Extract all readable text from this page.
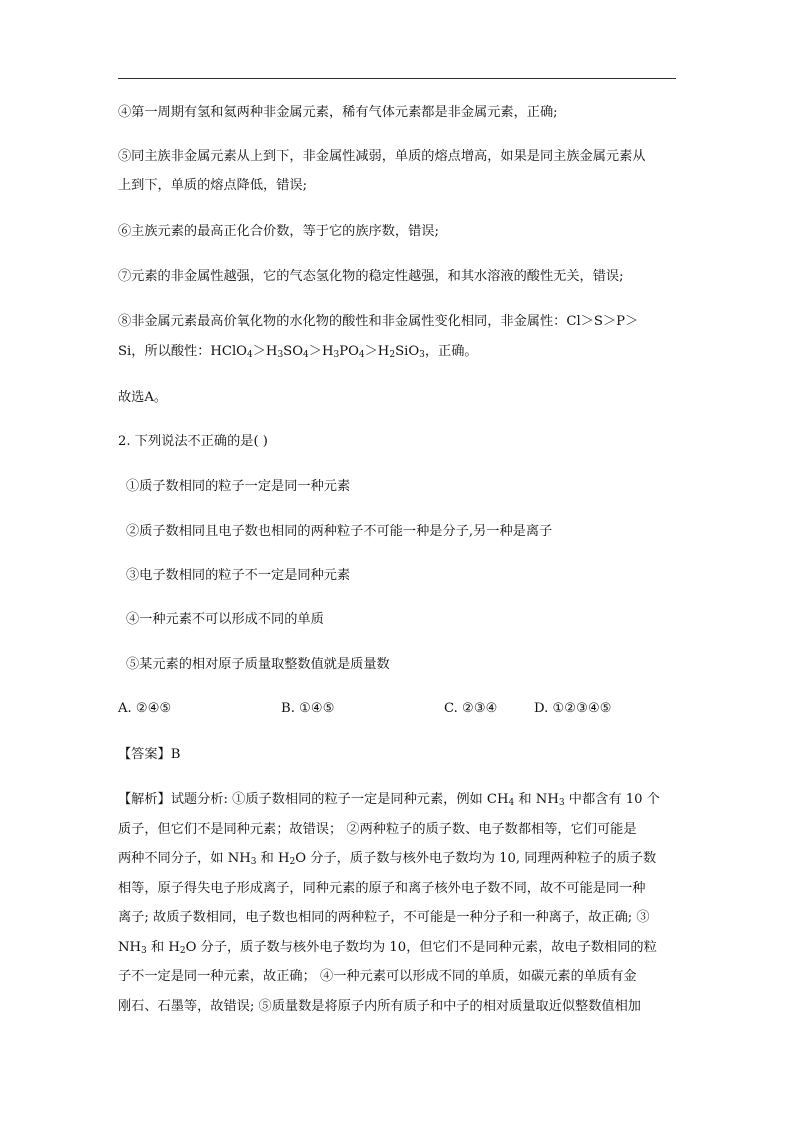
④第一周期有氢和氦两种非金属元素，稀有气体元素都是非金属元素，正确;

⑤同主族非金属元素从上到下，非金属性减弱，单质的熔点增高，如果是同主族金属元素从

上到下，单质的熔点降低，错误;

⑥主族元素的最高正化合价数，等于它的族序数，错误;

⑦元素的非金属性越强，它的气态氢化物的稳定性越强，和其水溶液的酸性无关，错误;

⑧非金属元素最高价氧化物的水化物的酸性和非金属性变化相同，非金属性：Cl＞S＞P＞

Si，所以酸性：$HClO_4>H_3SO_4>H_3PO_4>H_2SiO_3$，正确。

故选A。

2. 下列说法不正确的是( )

①质子数相同的粒子一定是同一种元素

②质子数相同且电子数也相同的两种粒子不可能一种是分子,另一种是离子

③电子数相同的粒子不一定是同种元素

④一种元素不可以形成不同的单质

⑤某元素的相对原子质量取整数值就是质量数

A. ②④⑤	B. ①④⑤	C. ②③④	D. ①②③④⑤

【答案】B

【解析】试题分析: ①质子数相同的粒子一定是同种元素，例如 $CH_4$ 和 $NH_3$ 中都含有 10 个

质子，但它们不是同种元素；故错误； ②两种粒子的质子数、电子数都相等，它们可能是

两种不同分子，如 $NH_3$ 和 $H_2O$ 分子，质子数与核外电子数均为 10, 同理两种粒子的质子数

相等，原子得失电子形成离子，同种元素的原子和离子核外电子数不同，故不可能是同一种

离子; 故质子数相同，电子数也相同的两种粒子，不可能是一种分子和一种离子，故正确; ③

$NH_3$ 和 $H_2O$ 分子，质子数与核外电子数均为 10，但它们不是同种元素，故电子数相同的粒

子不一定是同一种元素，故正确； ④一种元素可以形成不同的单质，如碳元素的单质有金

刚石、石墨等，故错误; ⑤质量数是将原子内所有质子和中子的相对质量取近似整数值相加
